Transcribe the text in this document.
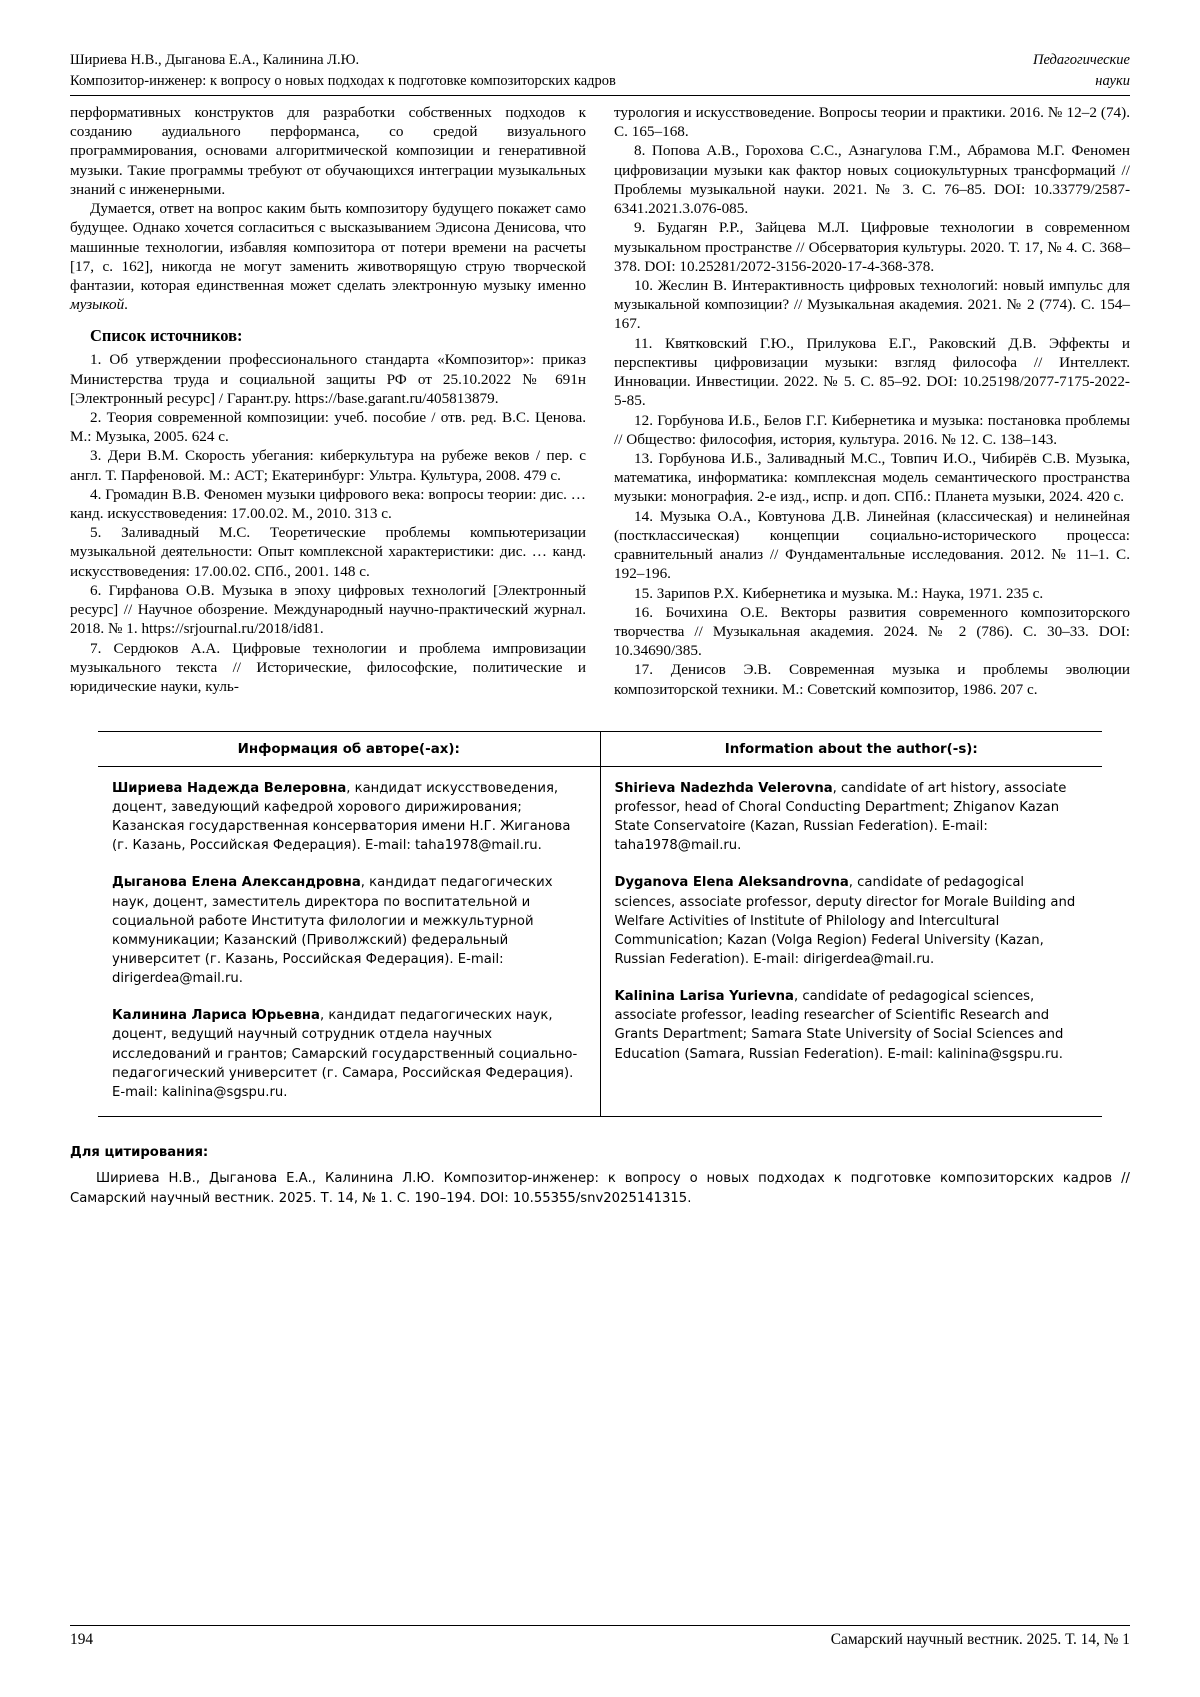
Шириева Н.В., Дыганова Е.А., Калинина Л.Ю.
Композитор-инженер: к вопросу о новых подходах к подготовке композиторских кадров
Педагогические
науки

перформативных конструктов для разработки собственных подходов к созданию аудиального перформанса, со средой визуального программирования, основами алгоритмической композиции и генеративной музыки. Такие программы требуют от обучающихся интеграции музыкальных знаний с инженерными.

Думается, ответ на вопрос каким быть композитору будущего покажет само будущее. Однако хочется согласиться с высказыванием Эдисона Денисова, что машинные технологии, избавляя композитора от потери времени на расчеты [17, с. 162], никогда не могут заменить животворящую струю творческой фантазии, которая единственная может сделать электронную музыку именно музыкой.

Список источников:

1. Об утверждении профессионального стандарта «Композитор»: приказ Министерства труда и социальной защиты РФ от 25.10.2022 № 691н [Электронный ресурс] / Гарант.ру. https://base.garant.ru/405813879.

2. Теория современной композиции: учеб. пособие / отв. ред. В.С. Ценова. М.: Музыка, 2005. 624 с.

3. Дери В.М. Скорость убегания: киберкультура на рубеже веков / пер. с англ. Т. Парфеновой. М.: АСТ; Екатеринбург: Ультра. Культура, 2008. 479 с.

4. Громадин В.В. Феномен музыки цифрового века: вопросы теории: дис. … канд. искусствоведения: 17.00.02. М., 2010. 313 с.

5. Заливадный М.С. Теоретические проблемы компьютеризации музыкальной деятельности: Опыт комплексной характеристики: дис. … канд. искусствоведения: 17.00.02. СПб., 2001. 148 с.

6. Гирфанова О.В. Музыка в эпоху цифровых технологий [Электронный ресурс] // Научное обозрение. Международный научно-практический журнал. 2018. № 1. https://srjournal.ru/2018/id81.

7. Сердюков А.А. Цифровые технологии и проблема импровизации музыкального текста // Исторические, философские, политические и юридические науки, куль-

турология и искусствоведение. Вопросы теории и практики. 2016. № 12–2 (74). С. 165–168.

8. Попова А.В., Горохова С.С., Азнагулова Г.М., Абрамова М.Г. Феномен цифровизации музыки как фактор новых социокультурных трансформаций // Проблемы музыкальной науки. 2021. № 3. С. 76–85. DOI: 10.33779/2587-6341.2021.3.076-085.

9. Будагян Р.Р., Зайцева М.Л. Цифровые технологии в современном музыкальном пространстве // Обсерватория культуры. 2020. Т. 17, № 4. С. 368–378. DOI: 10.25281/2072-3156-2020-17-4-368-378.

10. Жеслин В. Интерактивность цифровых технологий: новый импульс для музыкальной композиции? // Музыкальная академия. 2021. № 2 (774). С. 154–167.

11. Квятковский Г.Ю., Прилукова Е.Г., Раковский Д.В. Эффекты и перспективы цифровизации музыки: взгляд философа // Интеллект. Инновации. Инвестиции. 2022. № 5. С. 85–92. DOI: 10.25198/2077-7175-2022-5-85.

12. Горбунова И.Б., Белов Г.Г. Кибернетика и музыка: постановка проблемы // Общество: философия, история, культура. 2016. № 12. С. 138–143.

13. Горбунова И.Б., Заливадный М.С., Товпич И.О., Чибирёв С.В. Музыка, математика, информатика: комплексная модель семантического пространства музыки: монография. 2-е изд., испр. и доп. СПб.: Планета музыки, 2024. 420 с.

14. Музыка О.А., Ковтунова Д.В. Линейная (классическая) и нелинейная (постклассическая) концепции социально-исторического процесса: сравнительный анализ // Фундаментальные исследования. 2012. № 11–1. С. 192–196.

15. Зарипов Р.Х. Кибернетика и музыка. М.: Наука, 1971. 235 с.

16. Бочихина О.Е. Векторы развития современного композиторского творчества // Музыкальная академия. 2024. № 2 (786). С. 30–33. DOI: 10.34690/385.

17. Денисов Э.В. Современная музыка и проблемы эволюции композиторской техники. М.: Советский композитор, 1986. 207 с.

Информация об авторе(-ах):	Information about the author(-s):

Шириева Надежда Велеровна, кандидат искусствоведения, доцент, заведующий кафедрой хорового дирижирования; Казанская государственная консерватория имени Н.Г. Жиганова (г. Казань, Российская Федерация). E-mail: taha1978@mail.ru.
Дыганова Елена Александровна, кандидат педагогических наук, доцент, заместитель директора по воспитательной и социальной работе Института филологии и межкультурной коммуникации; Казанский (Приволжский) федеральный университет (г. Казань, Российская Федерация). E-mail: dirigerdea@mail.ru.
Калинина Лариса Юрьевна, кандидат педагогических наук, доцент, ведущий научный сотрудник отдела научных исследований и грантов; Самарский государственный социально-педагогический университет (г. Самара, Российская Федерация). E-mail: kalinina@sgspu.ru.

Shirieva Nadezhda Velerovna, candidate of art history, associate professor, head of Choral Conducting Department; Zhiganov Kazan State Conservatoire (Kazan, Russian Federation). E-mail: taha1978@mail.ru.
Dyganova Elena Aleksandrovna, candidate of pedagogical sciences, associate professor, deputy director for Morale Building and Welfare Activities of Institute of Philology and Intercultural Communication; Kazan (Volga Region) Federal University (Kazan, Russian Federation). E-mail: dirigerdea@mail.ru.
Kalinina Larisa Yurievna, candidate of pedagogical sciences, associate professor, leading researcher of Scientific Research and Grants Department; Samara State University of Social Sciences and Education (Samara, Russian Federation). E-mail: kalinina@sgspu.ru.
Для цитирования:
Шириева Н.В., Дыганова Е.А., Калинина Л.Ю. Композитор-инженер: к вопросу о новых подходах к подготовке композиторских кадров // Самарский научный вестник. 2025. Т. 14, № 1. С. 190–194. DOI: 10.55355/snv2025141315.
194	Самарский научный вестник. 2025. Т. 14, № 1
